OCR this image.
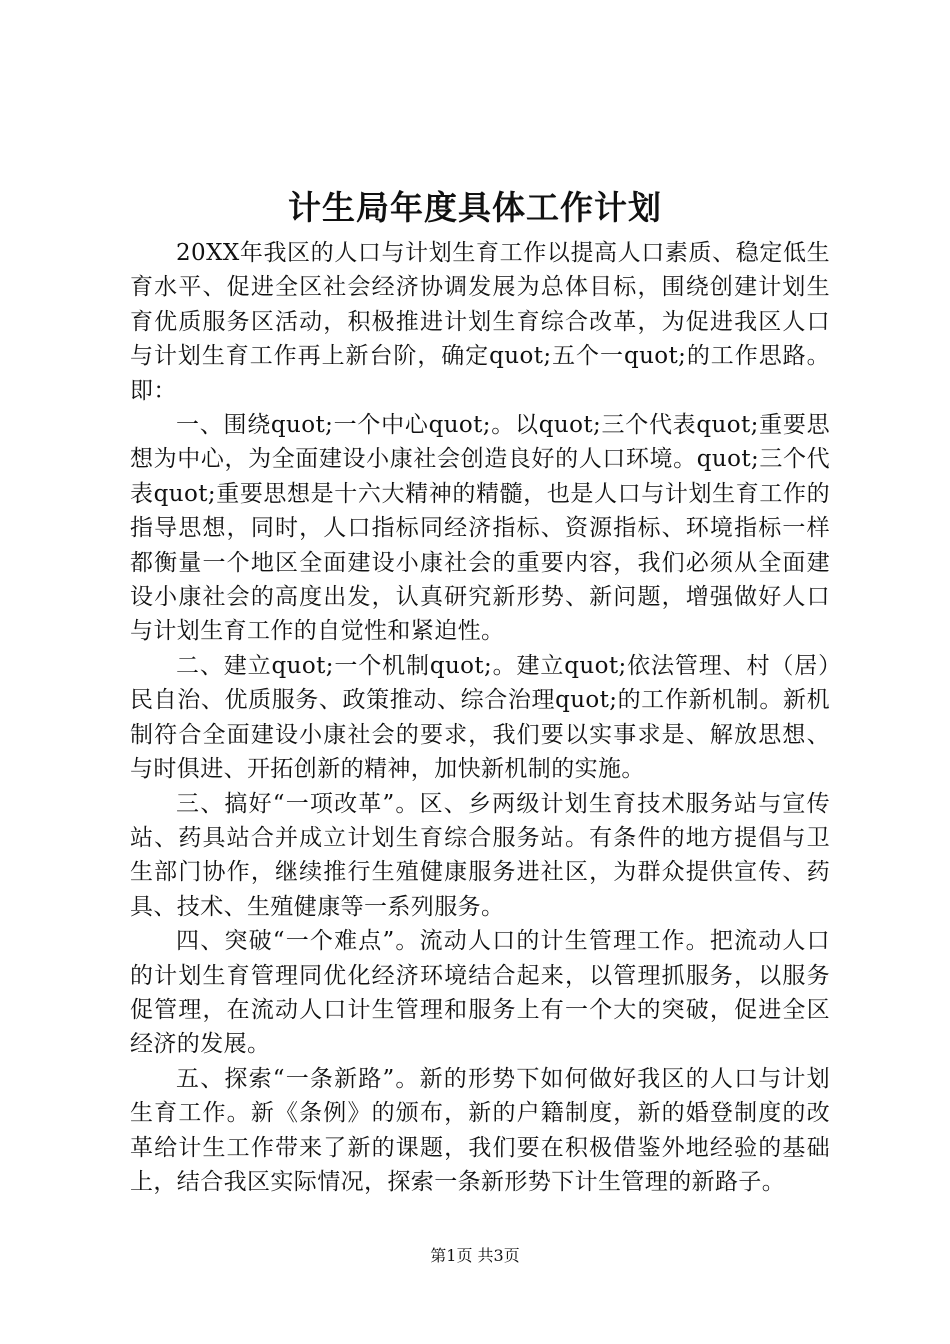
计生局年度具体工作计划

20XX年我区的人口与计划生育工作以提高人口素质、稳定低生育水平、促进全区社会经济协调发展为总体目标，围绕创建计划生育优质服务区活动，积极推进计划生育综合改革，为促进我区人口与计划生育工作再上新台阶，确定quot;五个一quot;的工作思路。即：

一、围绕quot;一个中心quot;。以quot;三个代表quot;重要思想为中心，为全面建设小康社会创造良好的人口环境。quot;三个代表quot;重要思想是十六大精神的精髓，也是人口与计划生育工作的指导思想，同时，人口指标同经济指标、资源指标、环境指标一样都衡量一个地区全面建设小康社会的重要内容，我们必须从全面建设小康社会的高度出发，认真研究新形势、新问题，增强做好人口与计划生育工作的自觉性和紧迫性。

二、建立quot;一个机制quot;。建立quot;依法管理、村（居）民自治、优质服务、政策推动、综合治理quot;的工作新机制。新机制符合全面建设小康社会的要求，我们要以实事求是、解放思想、与时俱进、开拓创新的精神，加快新机制的实施。

三、搞好“一项改革”。区、乡两级计划生育技术服务站与宣传站、药具站合并成立计划生育综合服务站。有条件的地方提倡与卫生部门协作，继续推行生殖健康服务进社区，为群众提供宣传、药具、技术、生殖健康等一系列服务。

四、突破“一个难点”。流动人口的计生管理工作。把流动人口的计划生育管理同优化经济环境结合起来，以管理抓服务，以服务促管理，在流动人口计生管理和服务上有一个大的突破，促进全区经济的发展。

五、探索“一条新路”。新的形势下如何做好我区的人口与计划生育工作。新《条例》的颁布，新的户籍制度，新的婚登制度的改革给计生工作带来了新的课题，我们要在积极借鉴外地经验的基础上，结合我区实际情况，探索一条新形势下计生管理的新路子。

第1页 共3页
